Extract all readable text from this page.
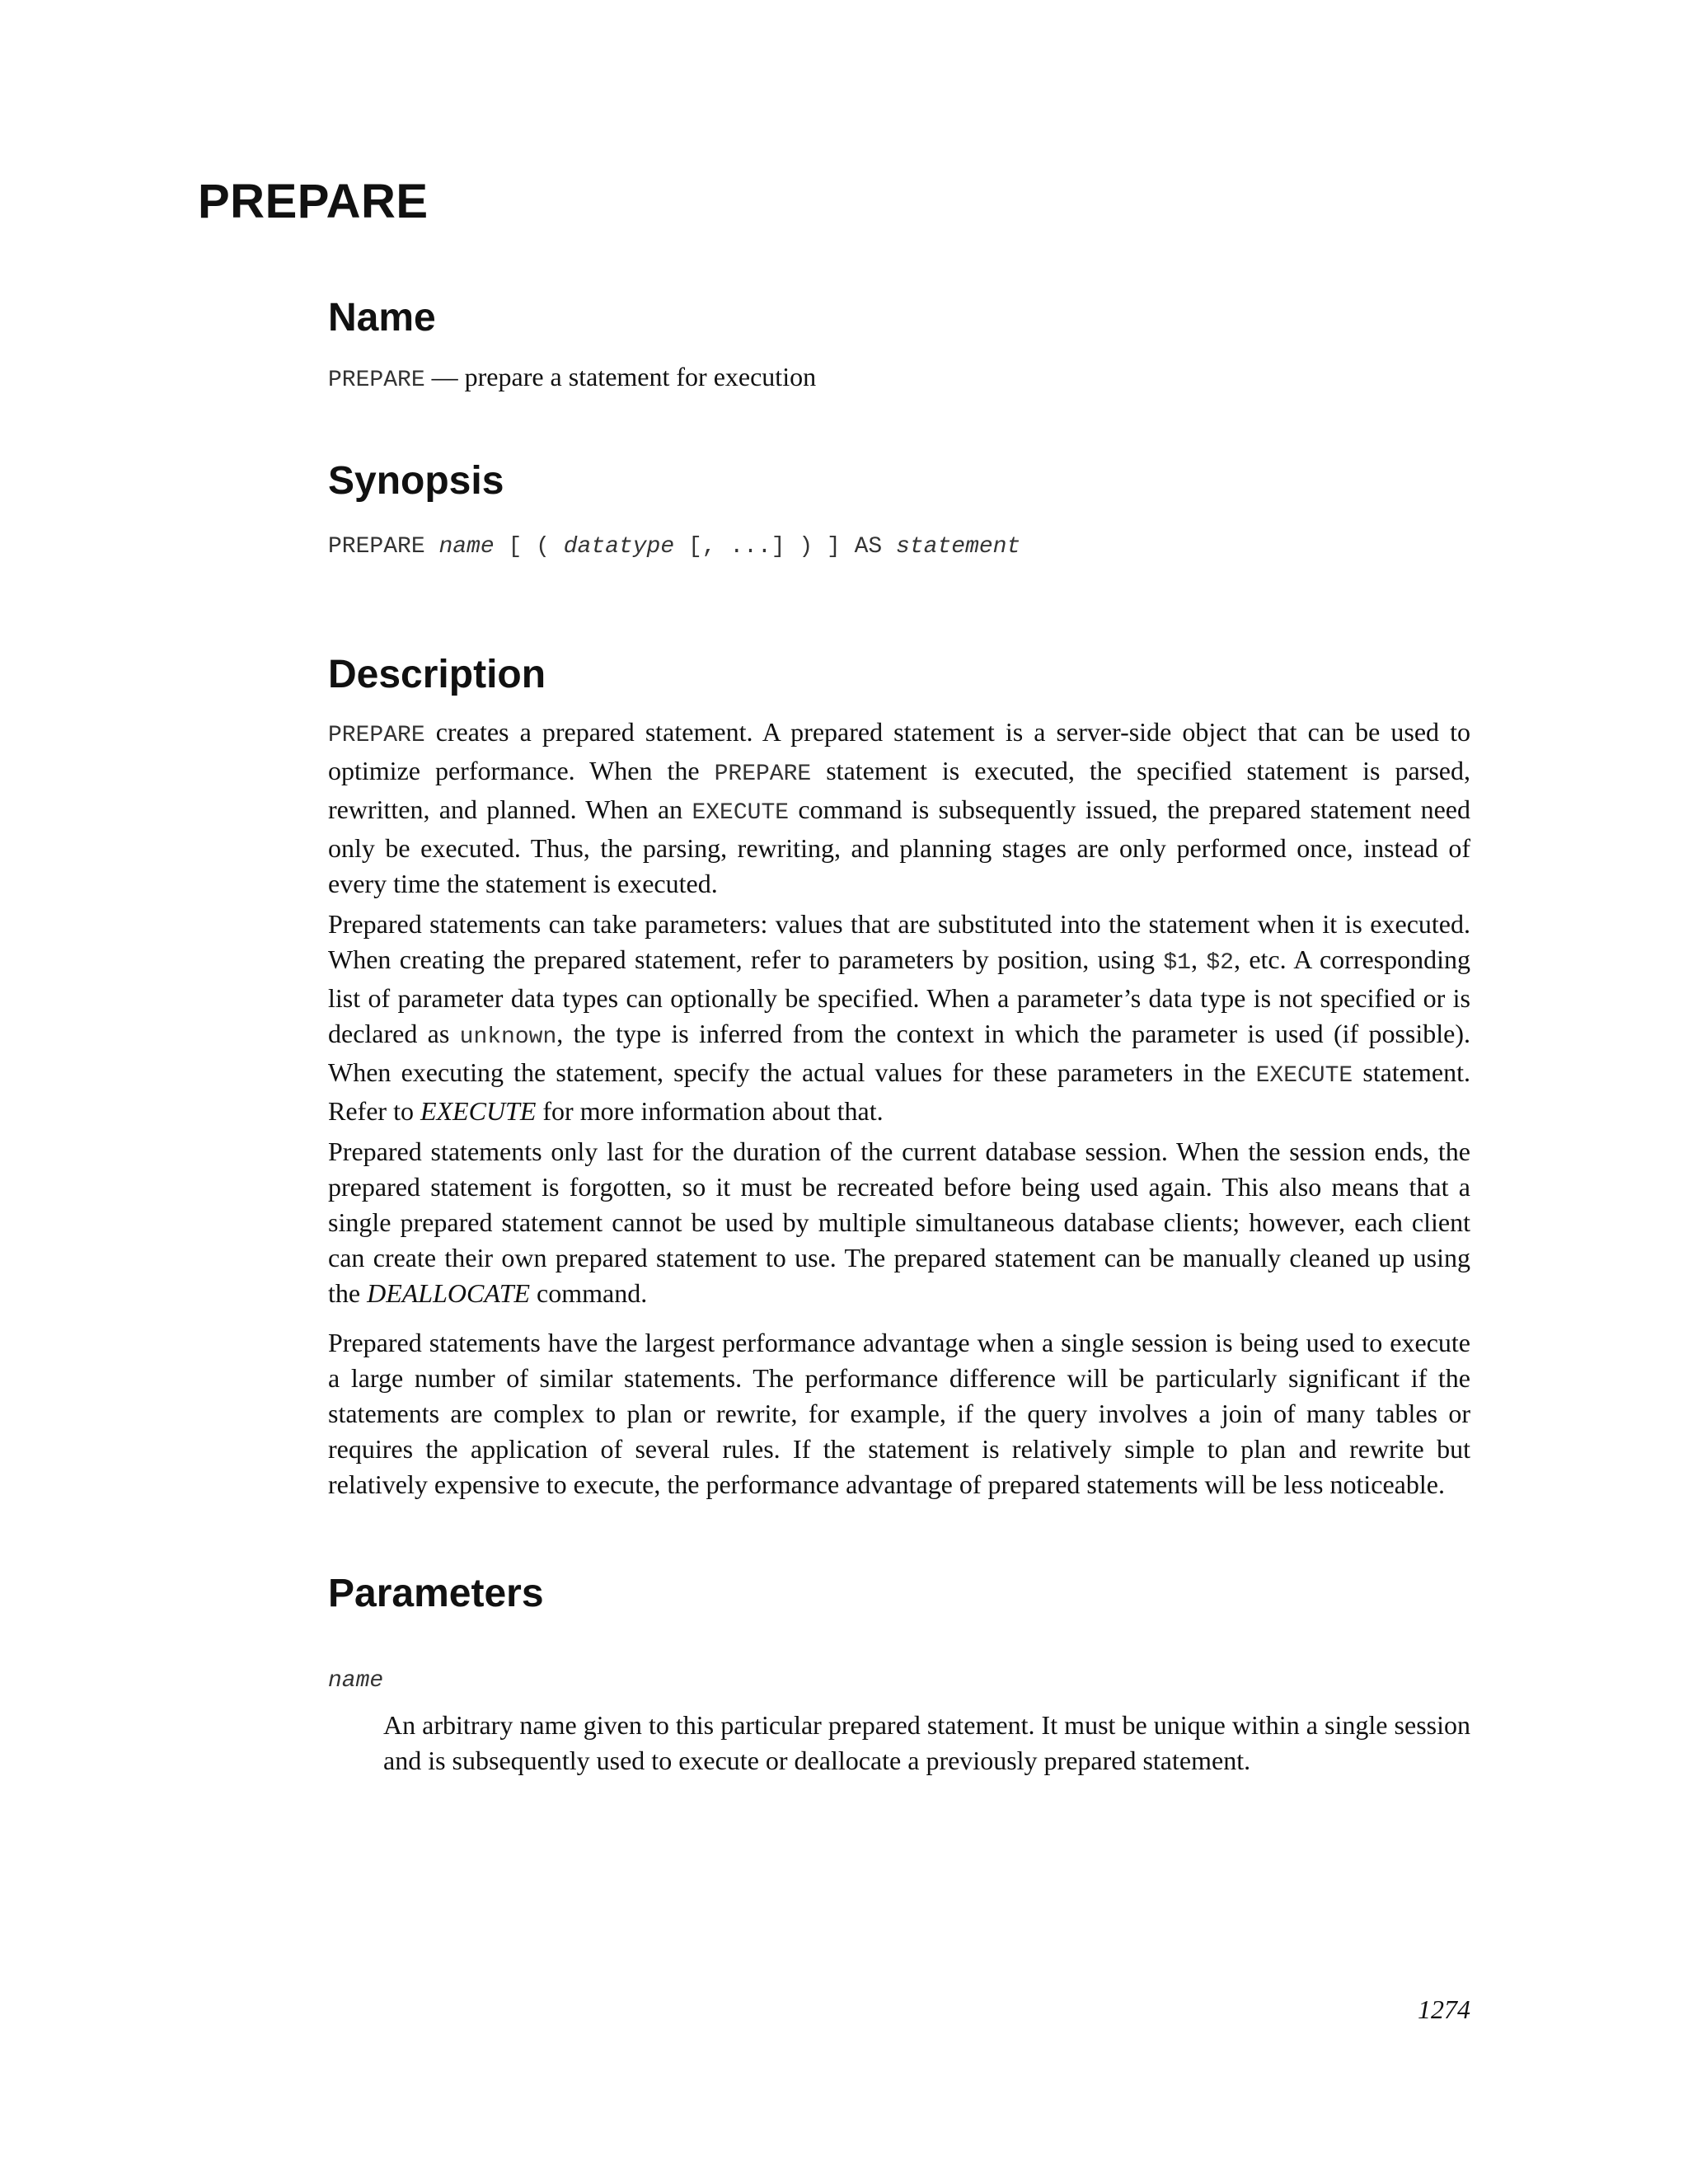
PREPARE
Name

PREPARE — prepare a statement for execution

Synopsis

PREPARE name [ ( datatype [, ...] ) ] AS statement

Description

PREPARE creates a prepared statement. A prepared statement is a server-side object that can be used to optimize performance. When the PREPARE statement is executed, the specified statement is parsed, rewritten, and planned. When an EXECUTE command is subsequently issued, the prepared statement need only be executed. Thus, the parsing, rewriting, and planning stages are only performed once, instead of every time the statement is executed.

Prepared statements can take parameters: values that are substituted into the statement when it is executed. When creating the prepared statement, refer to parameters by position, using $1, $2, etc. A corresponding list of parameter data types can optionally be specified. When a parameter’s data type is not specified or is declared as unknown, the type is inferred from the context in which the parameter is used (if possible). When executing the statement, specify the actual values for these parameters in the EXECUTE statement. Refer to EXECUTE for more information about that.

Prepared statements only last for the duration of the current database session. When the session ends, the prepared statement is forgotten, so it must be recreated before being used again. This also means that a single prepared statement cannot be used by multiple simultaneous database clients; however, each client can create their own prepared statement to use. The prepared statement can be manually cleaned up using the DEALLOCATE command.

Prepared statements have the largest performance advantage when a single session is being used to execute a large number of similar statements. The performance difference will be particularly significant if the statements are complex to plan or rewrite, for example, if the query involves a join of many tables or requires the application of several rules. If the statement is relatively simple to plan and rewrite but relatively expensive to execute, the performance advantage of prepared statements will be less noticeable.

Parameters

name

An arbitrary name given to this particular prepared statement. It must be unique within a single session and is subsequently used to execute or deallocate a previously prepared statement.

1274
